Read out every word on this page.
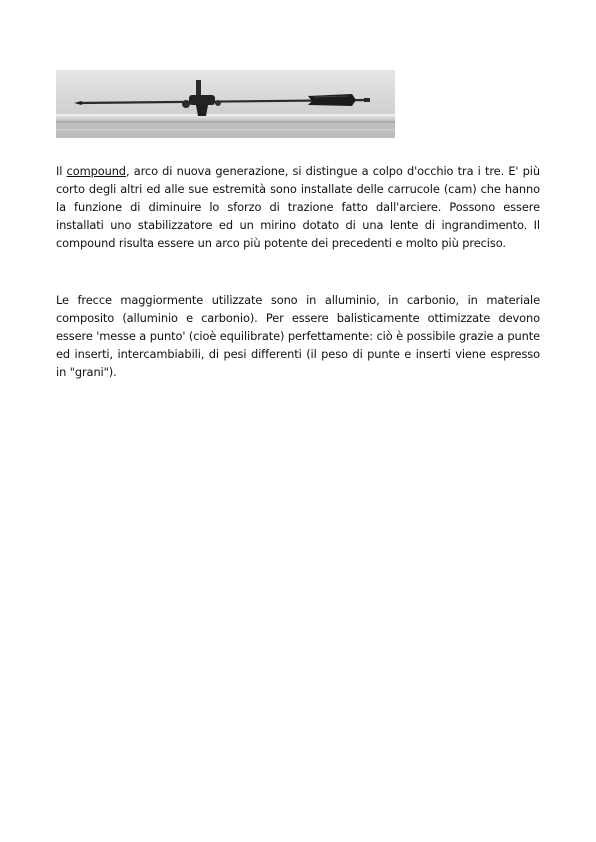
Il compound, arco di nuova generazione, si distingue a colpo d'occhio tra i tre. E' più corto degli altri ed alle sue estremità sono installate delle carrucole (cam) che hanno la funzione di diminuire lo sforzo di trazione fatto dall'arciere. Possono essere installati uno stabilizzatore ed un mirino dotato di una lente di ingrandimento. Il compound risulta essere un arco più potente dei precedenti e molto più preciso.

Le frecce maggiormente utilizzate sono in alluminio, in carbonio, in materiale composito (alluminio e carbonio). Per essere balisticamente ottimizzate devono essere 'messe a punto' (cioè equilibrate) perfettamente: ciò è possibile grazie a punte ed inserti, intercambiabili, di pesi differenti (il peso di punte e inserti viene espresso in "grani").
